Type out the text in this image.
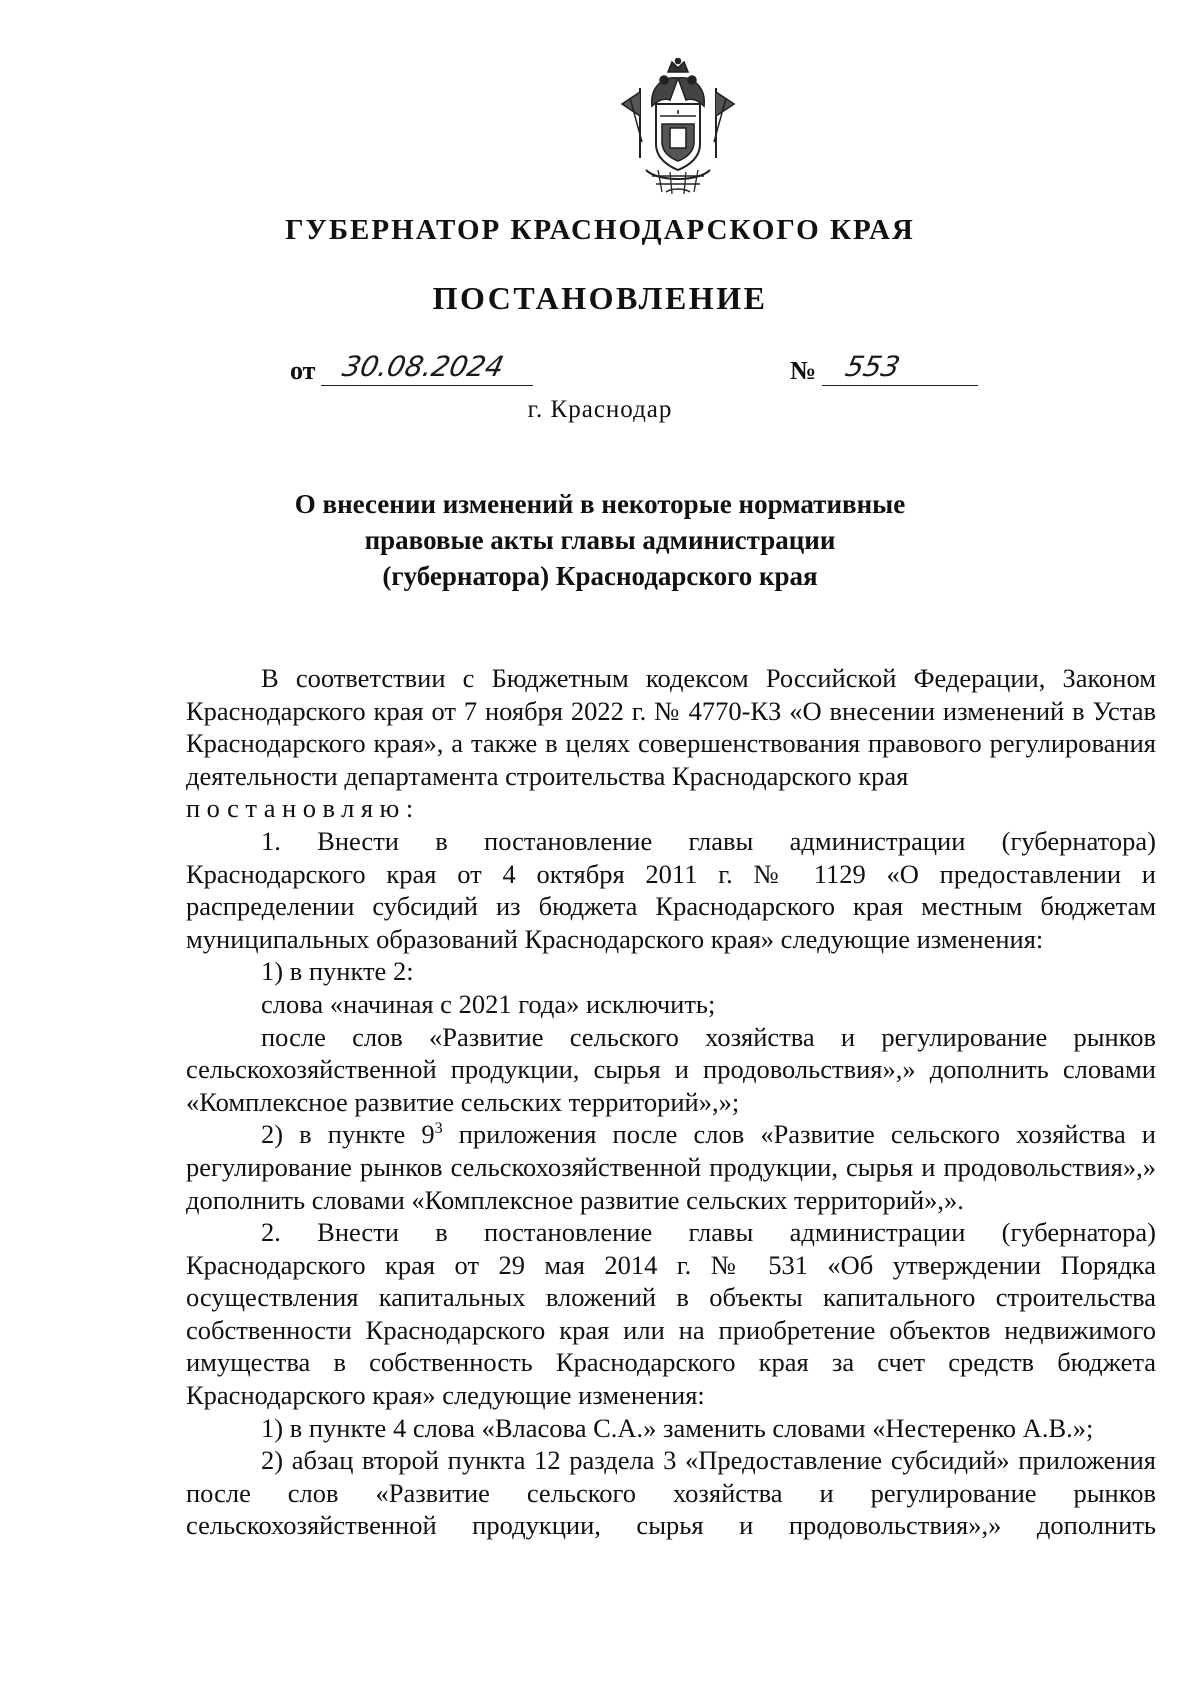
ГУБЕРНАТОР КРАСНОДАРСКОГО КРАЯ
ПОСТАНОВЛЕНИЕ
от 30.08.2024	№ 553
г. Краснодар
О внесении изменений в некоторые нормативные
правовые акты главы администрации
(губернатора) Краснодарского края

В соответствии с Бюджетным кодексом Российской Федерации, Законом Краснодарского края от 7 ноября 2022 г. № 4770-КЗ «О внесении изменений в Устав Краснодарского края», а также в целях совершенствования правового регулирования деятельности департамента строительства Краснодарского края

постановляю:

1. Внести в постановление главы администрации (губернатора) Краснодарского края от 4 октября 2011 г. № 1129 «О предоставлении и распределении субсидий из бюджета Краснодарского края местным бюджетам муниципальных образований Краснодарского края» следующие изменения:

1) в пункте 2:

слова «начиная с 2021 года» исключить;

после слов «Развитие сельского хозяйства и регулирование рынков сельскохозяйственной продукции, сырья и продовольствия»,» дополнить словами «Комплексное развитие сельских территорий»,»;

2) в пункте $9^3$ приложения после слов «Развитие сельского хозяйства и регулирование рынков сельскохозяйственной продукции, сырья и продовольствия»,» дополнить словами «Комплексное развитие сельских территорий»,».

2. Внести в постановление главы администрации (губернатора) Краснодарского края от 29 мая 2014 г. № 531 «Об утверждении Порядка осуществления капитальных вложений в объекты капитального строительства собственности Краснодарского края или на приобретение объектов недвижимого имущества в собственность Краснодарского края за счет средств бюджета Краснодарского края» следующие изменения:

1) в пункте 4 слова «Власова С.А.» заменить словами «Нестеренко А.В.»;

2) абзац второй пункта 12 раздела 3 «Предоставление субсидий» приложения после слов «Развитие сельского хозяйства и регулирование рынков сельскохозяйственной продукции, сырья и продовольствия»,» дополнить
